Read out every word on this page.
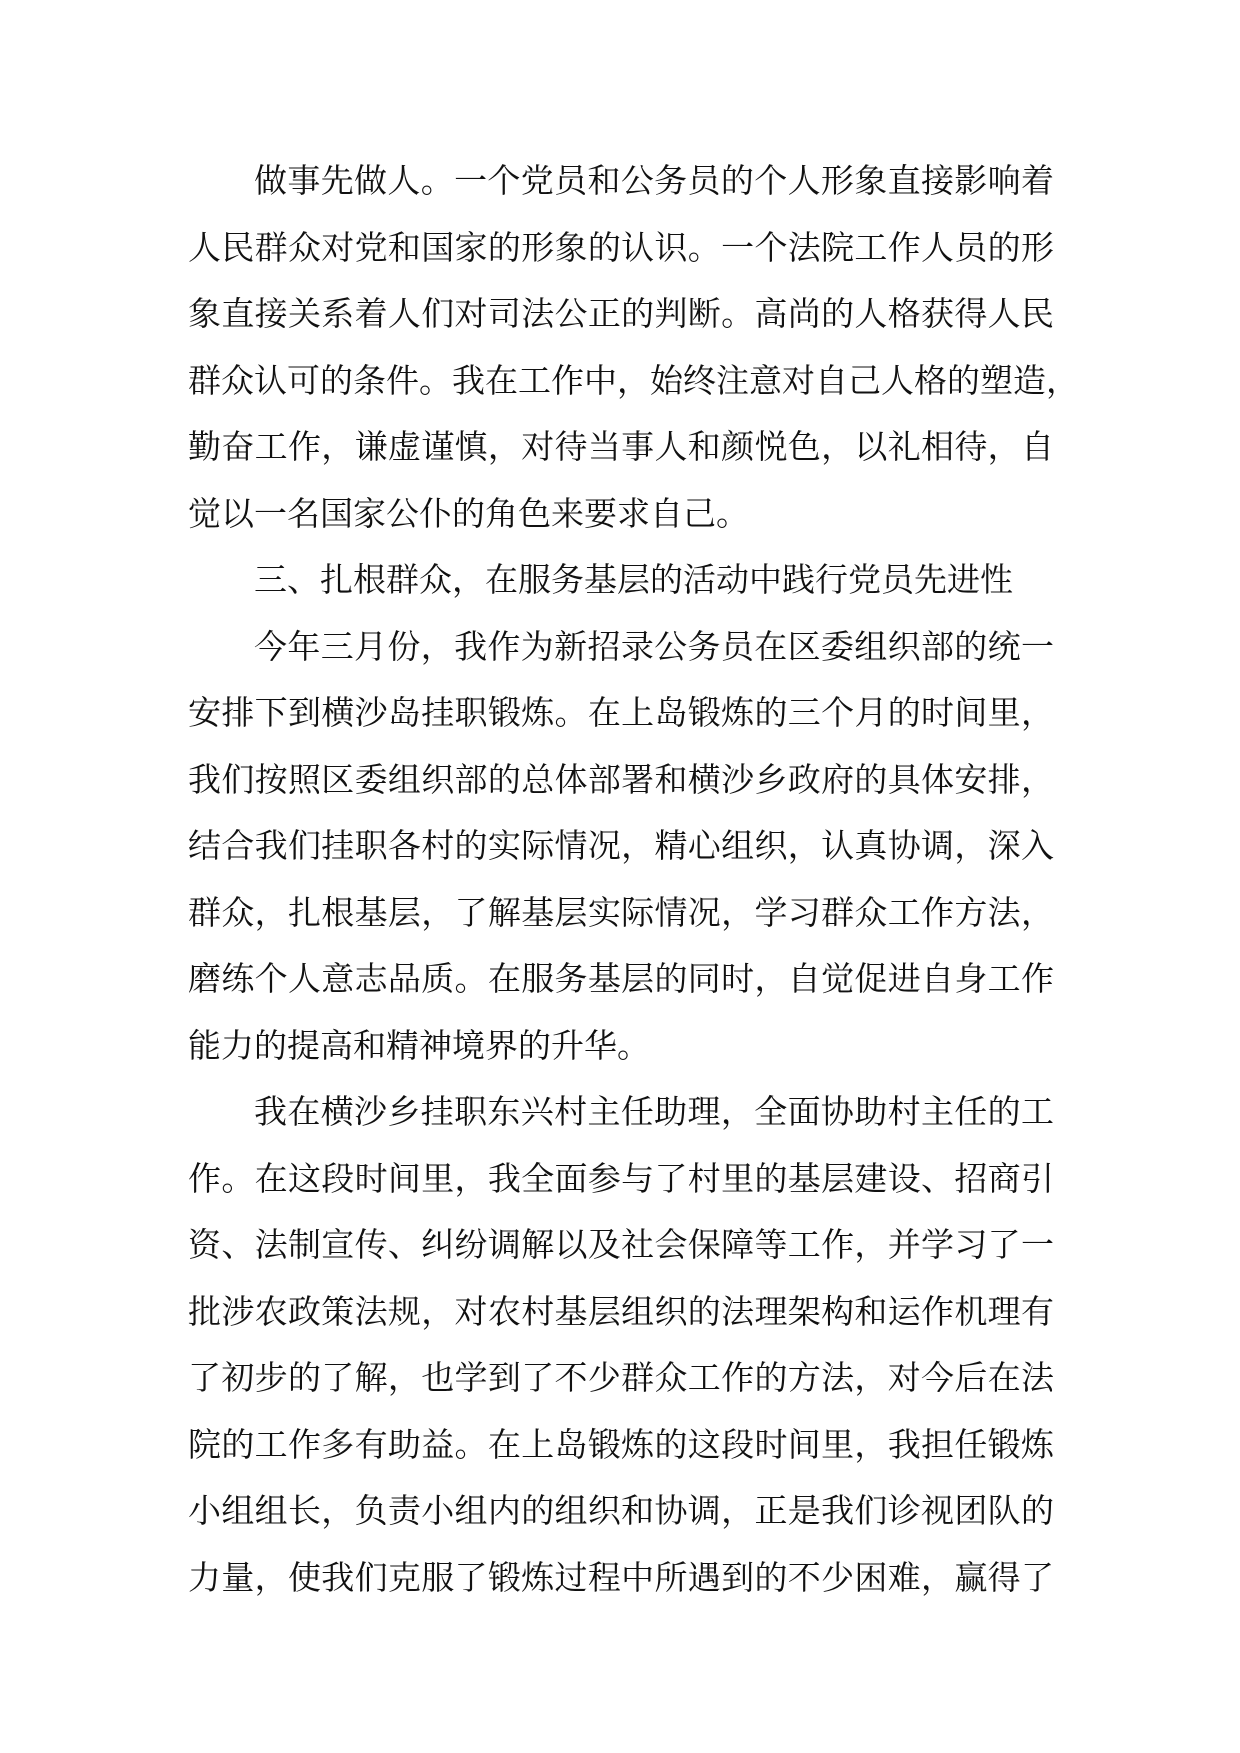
做事先做人。一个党员和公务员的个人形象直接影响着
人民群众对党和国家的形象的认识。一个法院工作人员的形
象直接关系着人们对司法公正的判断。高尚的人格获得人民
群众认可的条件。我在工作中，始终注意对自己人格的塑造，
勤奋工作，谦虚谨慎，对待当事人和颜悦色，以礼相待，自
觉以一名国家公仆的角色来要求自己。
三、扎根群众，在服务基层的活动中践行党员先进性
今年三月份，我作为新招录公务员在区委组织部的统一
安排下到横沙岛挂职锻炼。在上岛锻炼的三个月的时间里，
我们按照区委组织部的总体部署和横沙乡政府的具体安排，
结合我们挂职各村的实际情况，精心组织，认真协调，深入
群众，扎根基层，了解基层实际情况，学习群众工作方法，
磨练个人意志品质。在服务基层的同时，自觉促进自身工作
能力的提高和精神境界的升华。
我在横沙乡挂职东兴村主任助理，全面协助村主任的工
作。在这段时间里，我全面参与了村里的基层建设、招商引
资、法制宣传、纠纷调解以及社会保障等工作，并学习了一
批涉农政策法规，对农村基层组织的法理架构和运作机理有
了初步的了解，也学到了不少群众工作的方法，对今后在法
院的工作多有助益。在上岛锻炼的这段时间里，我担任锻炼
小组组长，负责小组内的组织和协调，正是我们诊视团队的
力量，使我们克服了锻炼过程中所遇到的不少困难，赢得了
